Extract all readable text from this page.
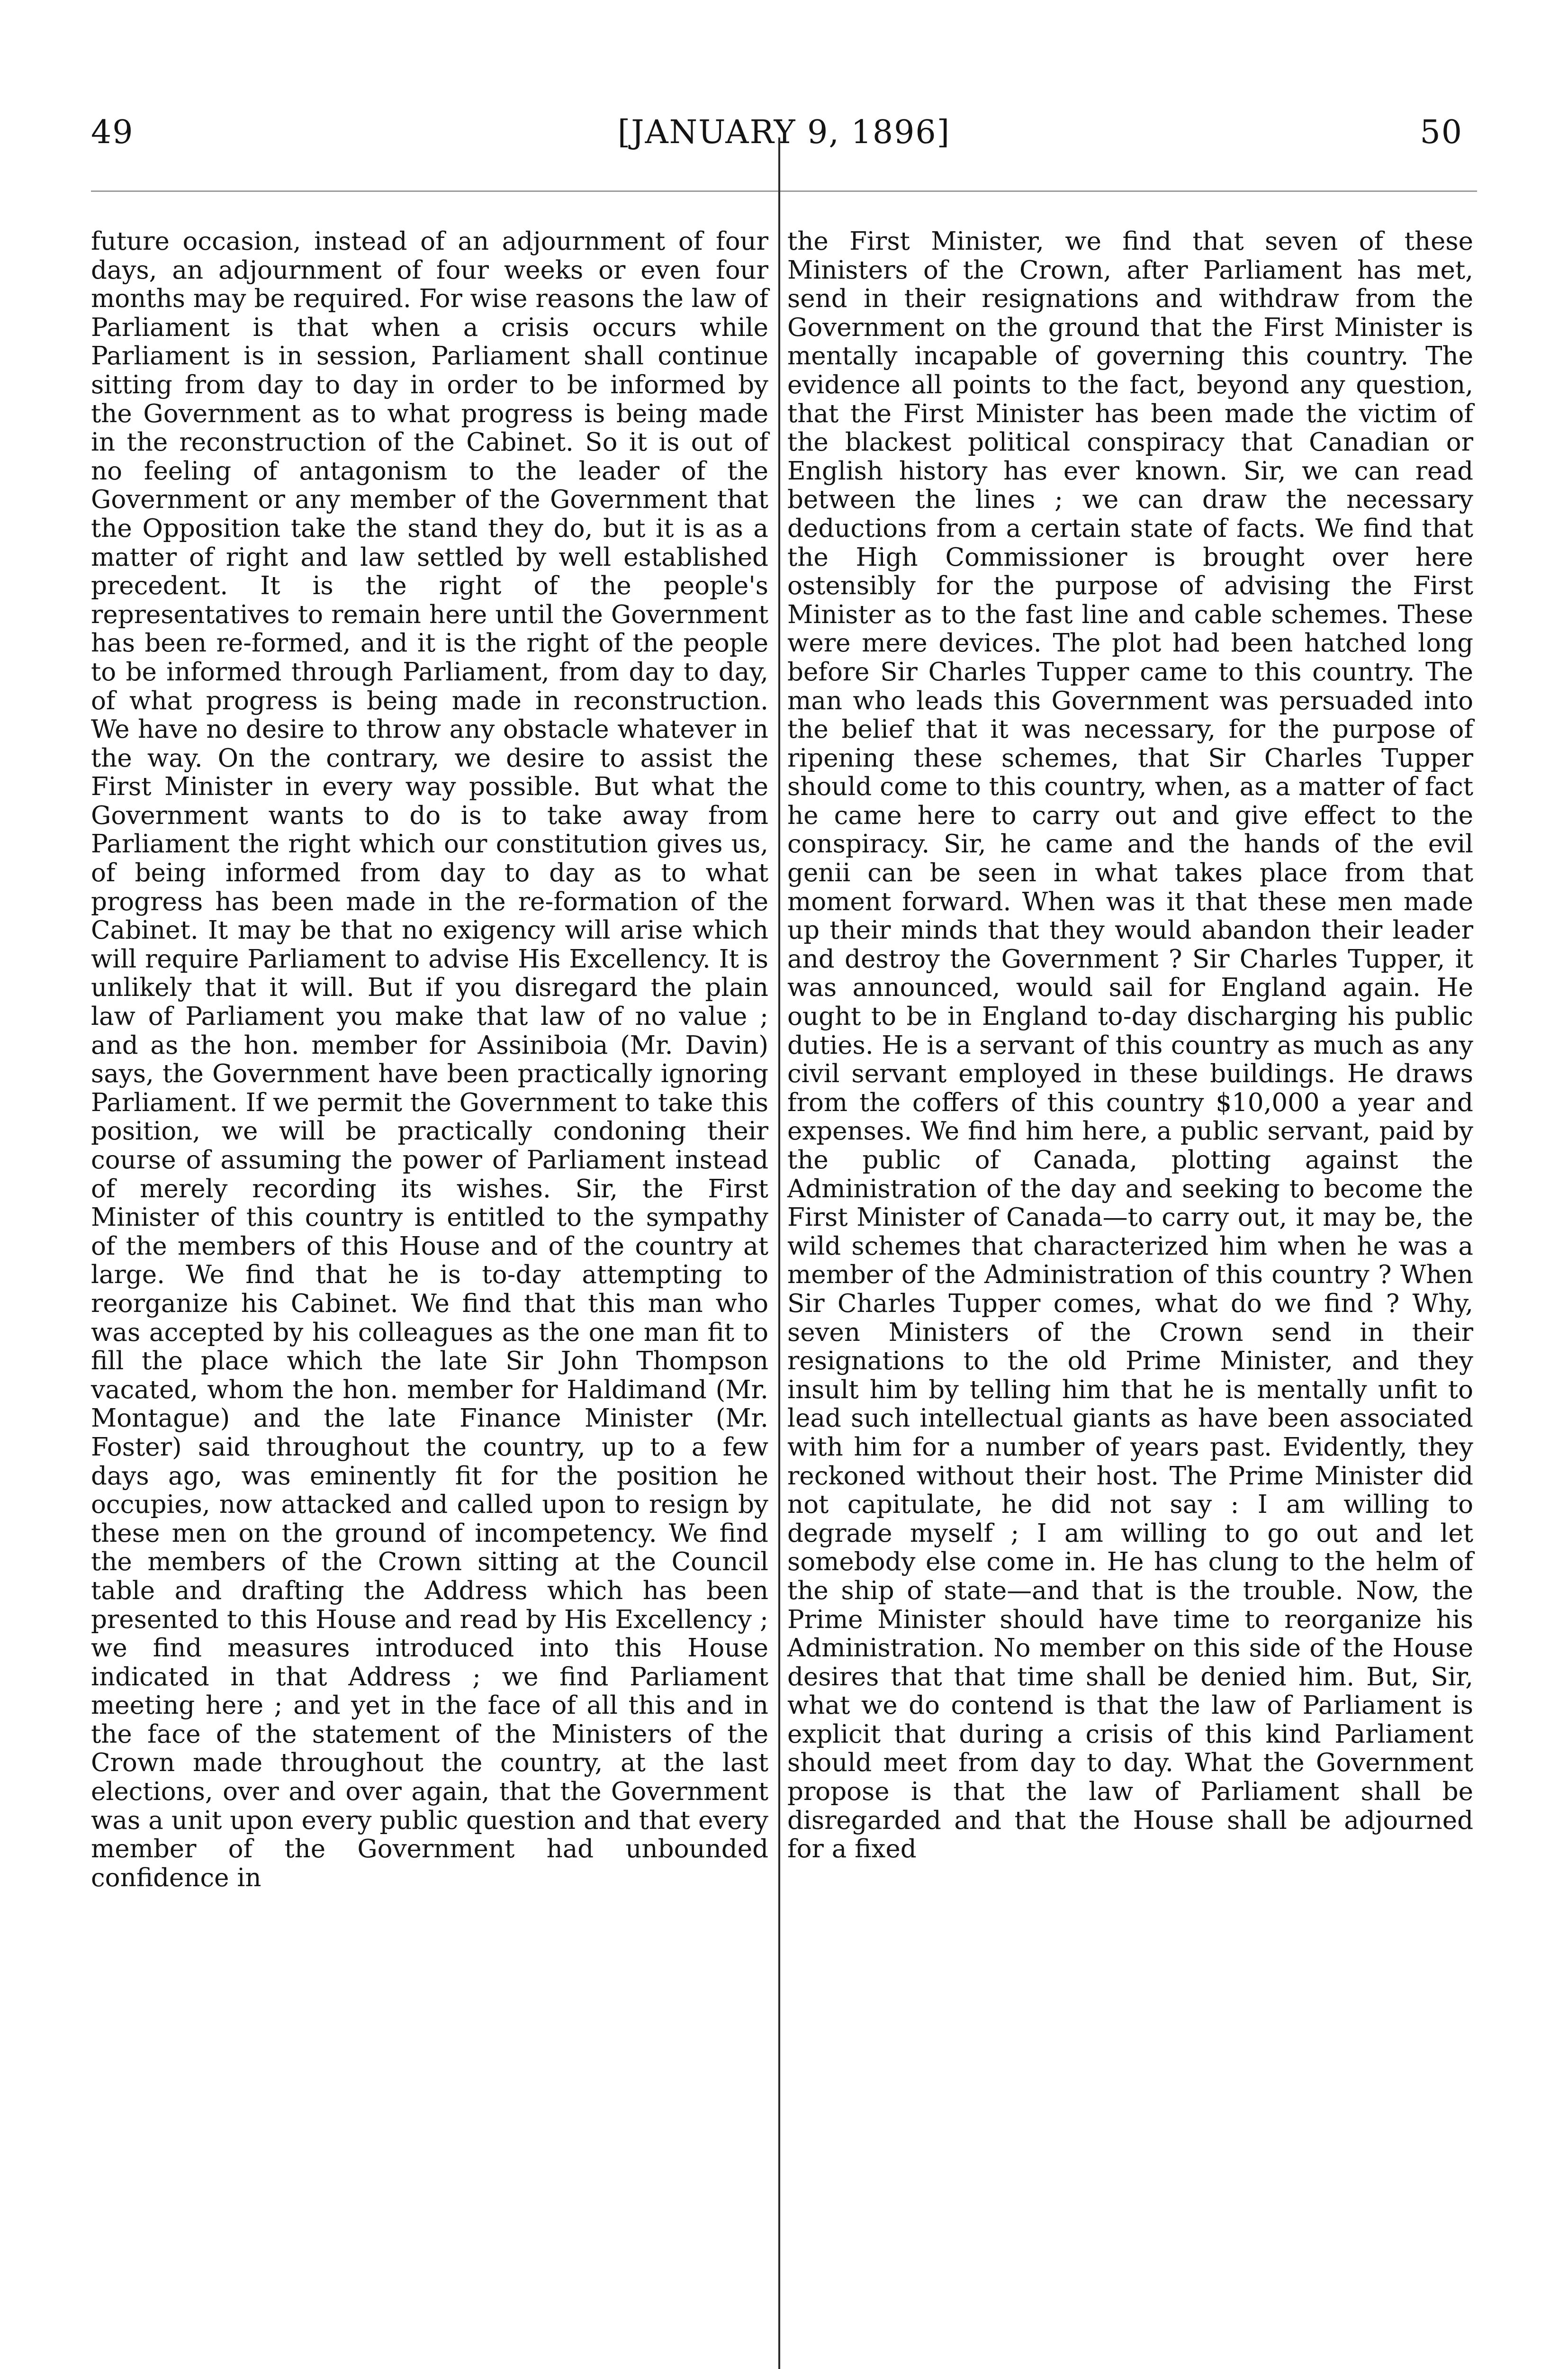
49	[JANUARY 9, 1896]	50

future occasion, instead of an adjournment of four days, an adjournment of four weeks or even four months may be required. For wise reasons the law of Parliament is that when a crisis occurs while Parliament is in session, Parliament shall continue sitting from day to day in order to be informed by the Government as to what progress is being made in the reconstruction of the Cabinet. So it is out of no feeling of antagonism to the leader of the Government or any member of the Government that the Opposition take the stand they do, but it is as a matter of right and law settled by well established precedent. It is the right of the people's representatives to remain here until the Government has been re-formed, and it is the right of the people to be informed through Parliament, from day to day, of what progress is being made in reconstruction. We have no desire to throw any obstacle whatever in the way. On the contrary, we desire to assist the First Minister in every way possible. But what the Government wants to do is to take away from Parliament the right which our constitution gives us, of being informed from day to day as to what progress has been made in the re-formation of the Cabinet. It may be that no exigency will arise which will require Parliament to advise His Excellency. It is unlikely that it will. But if you disregard the plain law of Parliament you make that law of no value ; and as the hon. member for Assiniboia (Mr. Davin) says, the Government have been practically ignoring Parliament. If we permit the Government to take this position, we will be practically condoning their course of assuming the power of Parliament instead of merely recording its wishes. Sir, the First Minister of this country is entitled to the sympathy of the members of this House and of the country at large. We find that he is to-day attempting to reorganize his Cabinet. We find that this man who was accepted by his colleagues as the one man fit to fill the place which the late Sir John Thompson vacated, whom the hon. member for Haldimand (Mr. Montague) and the late Finance Minister (Mr. Foster) said throughout the country, up to a few days ago, was eminently fit for the position he occupies, now attacked and called upon to resign by these men on the ground of incompetency. We find the members of the Crown sitting at the Council table and drafting the Address which has been presented to this House and read by His Excellency ; we find measures introduced into this House indicated in that Address ; we find Parliament meeting here ; and yet in the face of all this and in the face of the statement of the Ministers of the Crown made throughout the country, at the last elections, over and over again, that the Government was a unit upon every public question and that every member of the Government had unbounded confidence in

the First Minister, we find that seven of these Ministers of the Crown, after Parliament has met, send in their resignations and withdraw from the Government on the ground that the First Minister is mentally incapable of governing this country. The evidence all points to the fact, beyond any question, that the First Minister has been made the victim of the blackest political conspiracy that Canadian or English history has ever known. Sir, we can read between the lines ; we can draw the necessary deductions from a certain state of facts. We find that the High Commissioner is brought over here ostensibly for the purpose of advising the First Minister as to the fast line and cable schemes. These were mere devices. The plot had been hatched long before Sir Charles Tupper came to this country. The man who leads this Government was persuaded into the belief that it was necessary, for the purpose of ripening these schemes, that Sir Charles Tupper should come to this country, when, as a matter of fact he came here to carry out and give effect to the conspiracy. Sir, he came and the hands of the evil genii can be seen in what takes place from that moment forward. When was it that these men made up their minds that they would abandon their leader and destroy the Government ? Sir Charles Tupper, it was announced, would sail for England again. He ought to be in England to-day discharging his public duties. He is a servant of this country as much as any civil servant employed in these buildings. He draws from the coffers of this country $10,000 a year and expenses. We find him here, a public servant, paid by the public of Canada, plotting against the Administration of the day and seeking to become the First Minister of Canada—to carry out, it may be, the wild schemes that characterized him when he was a member of the Administration of this country ? When Sir Charles Tupper comes, what do we find ? Why, seven Ministers of the Crown send in their resignations to the old Prime Minister, and they insult him by telling him that he is mentally unfit to lead such intellectual giants as have been associated with him for a number of years past. Evidently, they reckoned without their host. The Prime Minister did not capitulate, he did not say : I am willing to degrade myself ; I am willing to go out and let somebody else come in. He has clung to the helm of the ship of state—and that is the trouble. Now, the Prime Minister should have time to reorganize his Administration. No member on this side of the House desires that that time shall be denied him. But, Sir, what we do contend is that the law of Parliament is explicit that during a crisis of this kind Parliament should meet from day to day. What the Government propose is that the law of Parliament shall be disregarded and that the House shall be adjourned for a fixed
